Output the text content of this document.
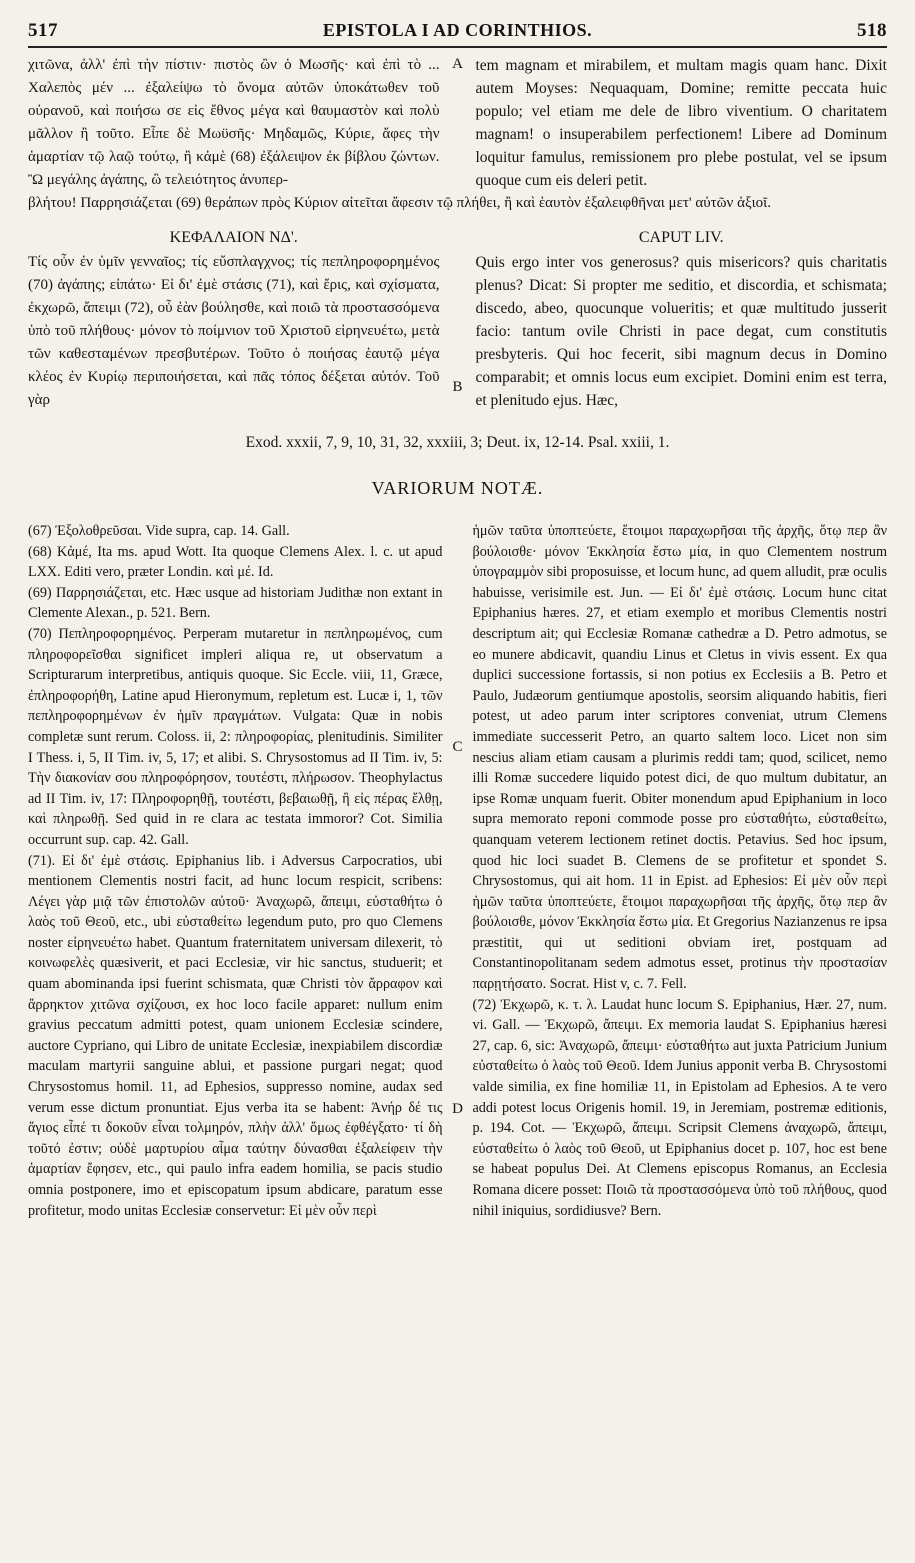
517	EPISTOLA I AD CORINTHIOS.	518

χιτῶνα, ἀλλ' ἐπὶ τὴν πίστιν· πιστὸς ὢν ὁ Μωσῆς· καὶ ἐπὶ τὸ ... Χαλεπὸς μέν ... ἐξαλείψω τὸ ὄνομα αὐτῶν ὑποκάτωθεν τοῦ οὐρανοῦ, καὶ ποιήσω σε εἰς ἔθνος μέγα καὶ θαυμαστὸν καὶ πολὺ μᾶλλον ἢ τοῦτο. Εἶπε δὲ Μωϋσῆς· Μηδαμῶς, Κύριε, ἄφες τὴν ἁμαρτίαν τῷ λαῷ τούτῳ, ἢ κἀμὲ (68) ἐξάλειψον ἐκ βίβλου ζώντων. Ὢ μεγάλης ἀγάπης, ὢ τελειότητος ἀνυπερ-

A tem magnam et mirabilem, et multam magis quam hanc. Dixit autem Moyses: Nequaquam, Domine; remitte peccata huic populo; vel etiam me dele de libro viventium. O charitatem magnam! o insuperabilem perfectionem! Libere ad Dominum loquitur famulus, remissionem pro plebe postulat, vel se ipsum quoque cum eis deleri petit.

βλήτου! Παρρησιάζεται (69) θεράπων πρὸς Κύριον αἰτεῖται ἄφεσιν τῷ πλήθει, ἢ καὶ ἑαυτὸν ἐξαλειφθῆναι μετ' αὐτῶν ἀξιοῖ.

ΚΕΦΑΛΑΙΟΝ ΝΔ'.

Τίς οὖν ἐν ὑμῖν γενναῖος; τίς εὔσπλαγχνος; τίς πεπληροφορημένος (70) ἀγάπης; εἰπάτω· Εἰ δι' ἐμὲ στάσις (71), καὶ ἔρις, καὶ σχίσματα, ἐκχωρῶ, ἄπειμι (72), οὗ ἐὰν βούλησθε, καὶ ποιῶ τὰ προστασσόμενα ὑπὸ τοῦ πλήθους· μόνον τὸ ποίμνιον τοῦ Χριστοῦ εἰρηνευέτω, μετὰ τῶν καθεσταμένων πρεσβυτέρων. Τοῦτο ὁ ποιήσας ἑαυτῷ μέγα κλέος ἐν Κυρίῳ περιποιήσεται, καὶ πᾶς τόπος δέξεται αὐτόν. Τοῦ γὰρ

B
CAPUT LIV.

Quis ergo inter vos generosus? quis misericors? quis charitatis plenus? Dicat: Si propter me seditio, et discordia, et schismata; discedo, abeo, quocunque volueritis; et quæ multitudo jusserit facio: tantum ovile Christi in pace degat, cum constitutis presbyteris. Qui hoc fecerit, sibi magnum decus in Domino comparabit; et omnis locus eum excipiet. Domini enim est terra, et plenitudo ejus. Hæc,

Exod. xxxii, 7, 9, 10, 31, 32, xxxiii, 3; Deut. ix, 12-14. Psal. xxiii, 1.
VARIORUM NOTÆ.

(67) Ἐξολοθρεῦσαι. Vide supra, cap. 14. Gall.

(68) Κἀμέ, Ita ms. apud Wott. Ita quoque Clemens Alex. l. c. ut apud LXX. Editi vero, præter Londin. καὶ μέ. Id.

(69) Παρρησιάζεται, etc. Hæc usque ad historiam Judithæ non extant in Clemente Alexan., p. 521. Bern.

(70) Πεπληροφορημένος. Perperam mutaretur in πεπληρωμένος, cum πληροφορεῖσθαι significet impleri aliqua re, ut observatum a Scripturarum interpretibus, antiquis quoque. Sic Eccle. viii, 11, Græce, ἐπληροφορήθη, Latine apud Hieronymum, repletum est. Lucæ i, 1, τῶν πεπληροφορημένων ἐν ἡμῖν πραγμάτων. Vulgata: Quæ in nobis completæ sunt rerum. Coloss. ii, 2: πληροφορίας, plenitudinis. Similiter I Thess. i, 5, II Tim. iv, 5, 17; et alibi. S. Chrysostomus ad II Tim. iv, 5: Τὴν διακονίαν σου πληροφόρησον, τουτέστι, πλήρωσον. Theophylactus ad II Tim. iv, 17: Πληροφορηθῇ, τουτέστι, βεβαιωθῇ, ἢ εἰς πέρας ἔλθῃ, καὶ πληρωθῇ. Sed quid in re clara ac testata immoror? Cot. Similia occurrunt sup. cap. 42. Gall.

(71). Εἰ δι' ἐμὲ στάσις. Epiphanius lib. i Adversus Carpocratios, ubi mentionem Clementis nostri facit, ad hunc locum respicit, scribens: Λέγει γὰρ μιᾷ τῶν ἐπιστολῶν αὐτοῦ· Ἀναχωρῶ, ἄπειμι, εὐσταθήτω ὁ λαὸς τοῦ Θεοῦ, etc., ubi εὐσταθείτω legendum puto, pro quo Clemens noster εἰρηνευέτω habet. Quantum fraternitatem universam dilexerit, τὸ κοινωφελὲς quæsiverit, et paci Ecclesiæ, vir hic sanctus, studuerit; et quam abominanda ipsi fuerint schismata, quæ Christi τὸν ἄρραφον καὶ ἄρρηκτον χιτῶνα σχίζουσι, ex hoc loco facile apparet: nullum enim gravius peccatum admitti potest, quam unionem Ecclesiæ scindere, auctore Cypriano, qui Libro de unitate Ecclesiæ, inexpiabilem discordiæ maculam martyrii sanguine ablui, et passione purgari negat; quod Chrysostomus homil. 11, ad Ephesios, suppresso nomine, audax sed verum esse dictum pronuntiat. Ejus verba ita se habent: Ἀνήρ δέ τις ἅγιος εἶπέ τι δοκοῦν εἶναι τολμηρόν, πλὴν ἀλλ' ὅμως ἐφθέγξατο· τί δὴ τοῦτό ἐστιν; οὐδὲ μαρτυρίου αἷμα ταύτην δύνασθαι ἐξαλείφειν τὴν ἁμαρτίαν ἔφησεν, etc., qui paulo infra eadem homilia, se pacis studio omnia postponere, imo et episcopatum ipsum abdicare, paratum esse profitetur, modo unitas Ecclesiæ conservetur: Εἰ μὲν οὖν περὶ

C
D

ἡμῶν ταῦτα ὑποπτεύετε, ἕτοιμοι παραχωρῆσαι τῆς ἀρχῆς, ὅτῳ περ ἂν βούλοισθε· μόνον Ἐκκλησία ἔστω μία, in quo Clementem nostrum ὑπογραμμὸν sibi proposuisse, et locum hunc, ad quem alludit, præ oculis habuisse, verisimile est. Jun. — Εἰ δι' ἐμὲ στάσις. Locum hunc citat Epiphanius hæres. 27, et etiam exemplo et moribus Clementis nostri descriptum ait; qui Ecclesiæ Romanæ cathedræ a D. Petro admotus, se eo munere abdicavit, quandiu Linus et Cletus in vivis essent. Ex qua duplici successione fortassis, si non potius ex Ecclesiis a B. Petro et Paulo, Judæorum gentiumque apostolis, seorsim aliquando habitis, fieri potest, ut adeo parum inter scriptores conveniat, utrum Clemens immediate successerit Petro, an quarto saltem loco. Licet non sim nescius aliam etiam causam a plurimis reddi tam; quod, scilicet, nemo illi Romæ succedere liquido potest dici, de quo multum dubitatur, an ipse Romæ unquam fuerit. Obiter monendum apud Epiphanium in loco supra memorato reponi commode posse pro εὐσταθήτω, εὐσταθείτω, quanquam veterem lectionem retinet doctis. Petavius. Sed hoc ipsum, quod hic loci suadet B. Clemens de se profitetur et spondet S. Chrysostomus, qui ait hom. 11 in Epist. ad Ephesios: Εἰ μὲν οὖν περὶ ἡμῶν ταῦτα ὑποπτεύετε, ἕτοιμοι παραχωρῆσαι τῆς ἀρχῆς, ὅτῳ περ ἂν βούλοισθε, μόνον Ἐκκλησία ἔστω μία. Et Gregorius Nazianzenus re ipsa præstitit, qui ut seditioni obviam iret, postquam ad Constantinopolitanam sedem admotus esset, protinus τὴν προστασίαν παρῃτήσατο. Socrat. Hist v, c. 7. Fell.

(72) Ἐκχωρῶ, κ. τ. λ. Laudat hunc locum S. Epiphanius, Hær. 27, num. vi. Gall. — Ἐκχωρῶ, ἄπειμι. Ex memoria laudat S. Epiphanius hæresi 27, cap. 6, sic: Ἀναχωρῶ, ἄπειμι· εὐσταθήτω aut juxta Patricium Junium εὐσταθείτω ὁ λαὸς τοῦ Θεοῦ. Idem Junius apponit verba B. Chrysostomi valde similia, ex fine homiliæ 11, in Epistolam ad Ephesios. A te vero addi potest locus Origenis homil. 19, in Jeremiam, postremæ editionis, p. 194. Cot. — Ἐκχωρῶ, ἄπειμι. Scripsit Clemens ἀναχωρῶ, ἄπειμι, εὐσταθείτω ὁ λαὸς τοῦ Θεοῦ, ut Epiphanius docet p. 107, hoc est bene se habeat populus Dei. At Clemens episcopus Romanus, an Ecclesia Romana dicere posset: Ποιῶ τὰ προστασσόμενα ὑπὸ τοῦ πλήθους, quod nihil iniquius, sordidiusve? Bern.
